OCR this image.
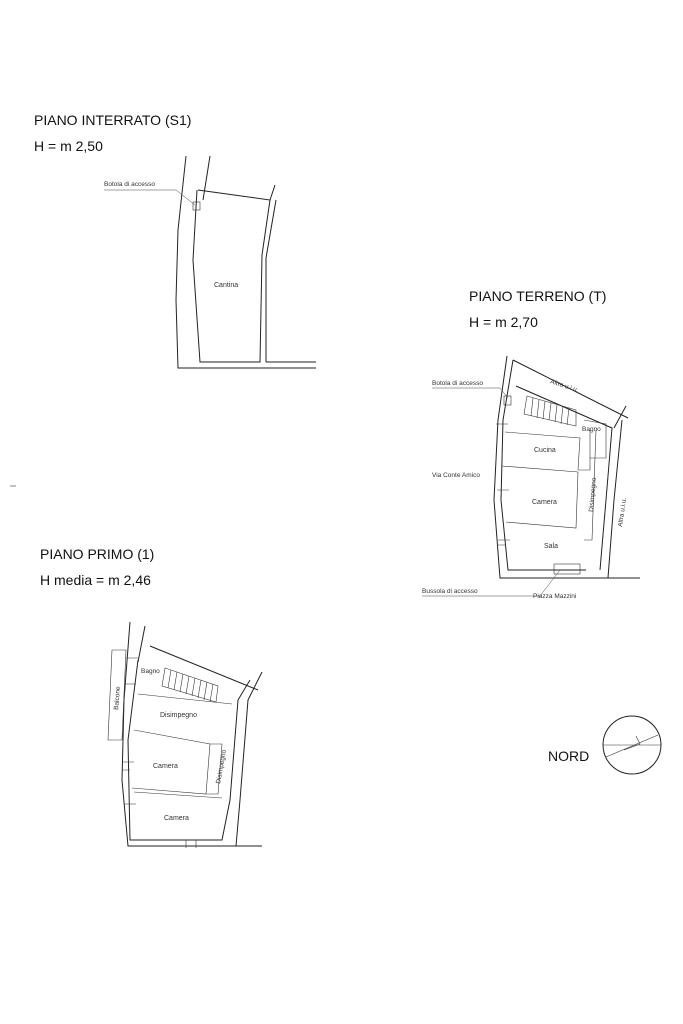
PIANO INTERRATO (S1)
H = m 2,50
PIANO TERRENO (T)
H = m 2,70
PIANO PRIMO (1)
H media = m 2,46
NORD
Botola di accesso
Cantina
Botola di accesso	Altra u.i.u.
Bagno
Cucina
Via Conte Amico
Disimpegno
Camera	Altra u.i.u.
Sala
Bussola di accesso
Piazza Mazzini
Bagno
Balcone
Disimpegno
Camera	Disimpegno
Camera
